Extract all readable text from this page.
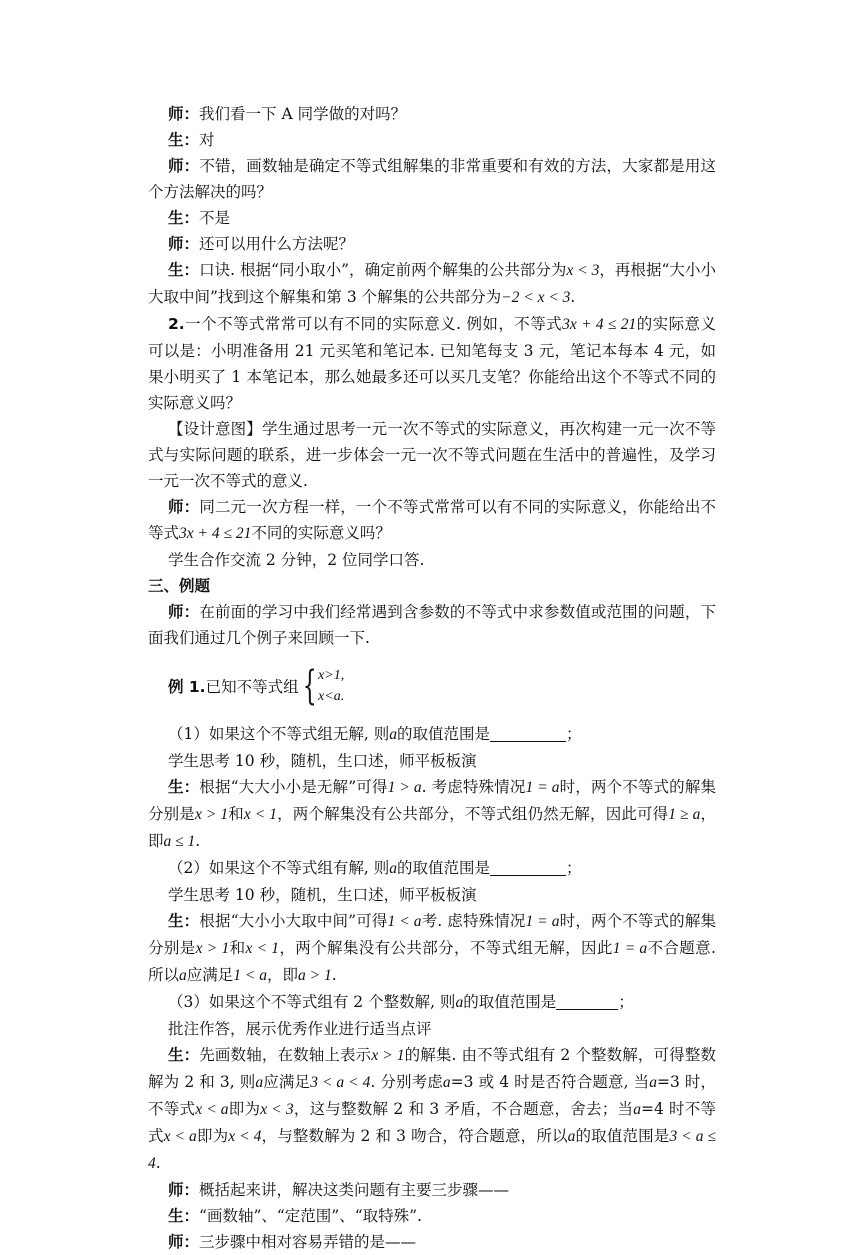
师：我们看一下 A 同学做的对吗？

生：对

师：不错，画数轴是确定不等式组解集的非常重要和有效的方法，大家都是用这个方法解决的吗？

生：不是

师：还可以用什么方法呢？

生：口诀. 根据“同小取小”，确定前两个解集的公共部分为x < 3，再根据“大小小大取中间”找到这个解集和第 3 个解集的公共部分为−2 < x < 3.

2.一个不等式常常可以有不同的实际意义. 例如，不等式3x + 4 ≤ 21的实际意义可以是：小明准备用 21 元买笔和笔记本. 已知笔每支 3 元，笔记本每本 4 元，如果小明买了 1 本笔记本，那么她最多还可以买几支笔？你能给出这个不等式不同的实际意义吗？

【设计意图】学生通过思考一元一次不等式的实际意义，再次构建一元一次不等式与实际问题的联系，进一步体会一元一次不等式问题在生活中的普遍性，及学习一元一次不等式的意义.

师：同二元一次方程一样，一个不等式常常可以有不同的实际意义，你能给出不等式3x + 4 ≤ 21不同的实际意义吗？

学生合作交流 2 分钟，2 位同学口答.

三、例题

师：在前面的学习中我们经常遇到含参数的不等式中求参数值或范围的问题，下面我们通过几个例子来回顾一下.

例 1. 已知不等式组 { x>1,
x<a.

（1）如果这个不等式组无解, 则a的取值范围是	；

学生思考 10 秒，随机，生口述，师平板板演

生：根据“大大小小是无解”可得1 > a. 考虑特殊情况1 = a时，两个不等式的解集分别是x > 1和x < 1，两个解集没有公共部分，不等式组仍然无解，因此可得1 ≥ a，即a ≤ 1.

（2）如果这个不等式组有解, 则a的取值范围是	；

学生思考 10 秒，随机，生口述，师平板板演

生：根据“大小小大取中间”可得1 < a考. 虑特殊情况1 = a时，两个不等式的解集分别是x > 1和x < 1，两个解集没有公共部分，不等式组无解，因此1 = a不合题意. 所以a应满足1 < a，即a > 1.

（3）如果这个不等式组有 2 个整数解, 则a的取值范围是	；

批注作答，展示优秀作业进行适当点评

生：先画数轴，在数轴上表示x > 1的解集. 由不等式组有 2 个整数解，可得整数解为 2 和 3, 则a应满足3 < a < 4. 分别考虑a=3 或 4 时是否符合题意, 当a=3 时，不等式x < a即为x < 3，这与整数解 2 和 3 矛盾，不合题意，舍去；当a=4 时不等式x < a即为x < 4，与整数解为 2 和 3 吻合，符合题意，所以a的取值范围是3 < a ≤ 4.

师：概括起来讲，解决这类问题有主要三步骤——

生：“画数轴”、“定范围”、“取特殊”.

师：三步骤中相对容易弄错的是——
